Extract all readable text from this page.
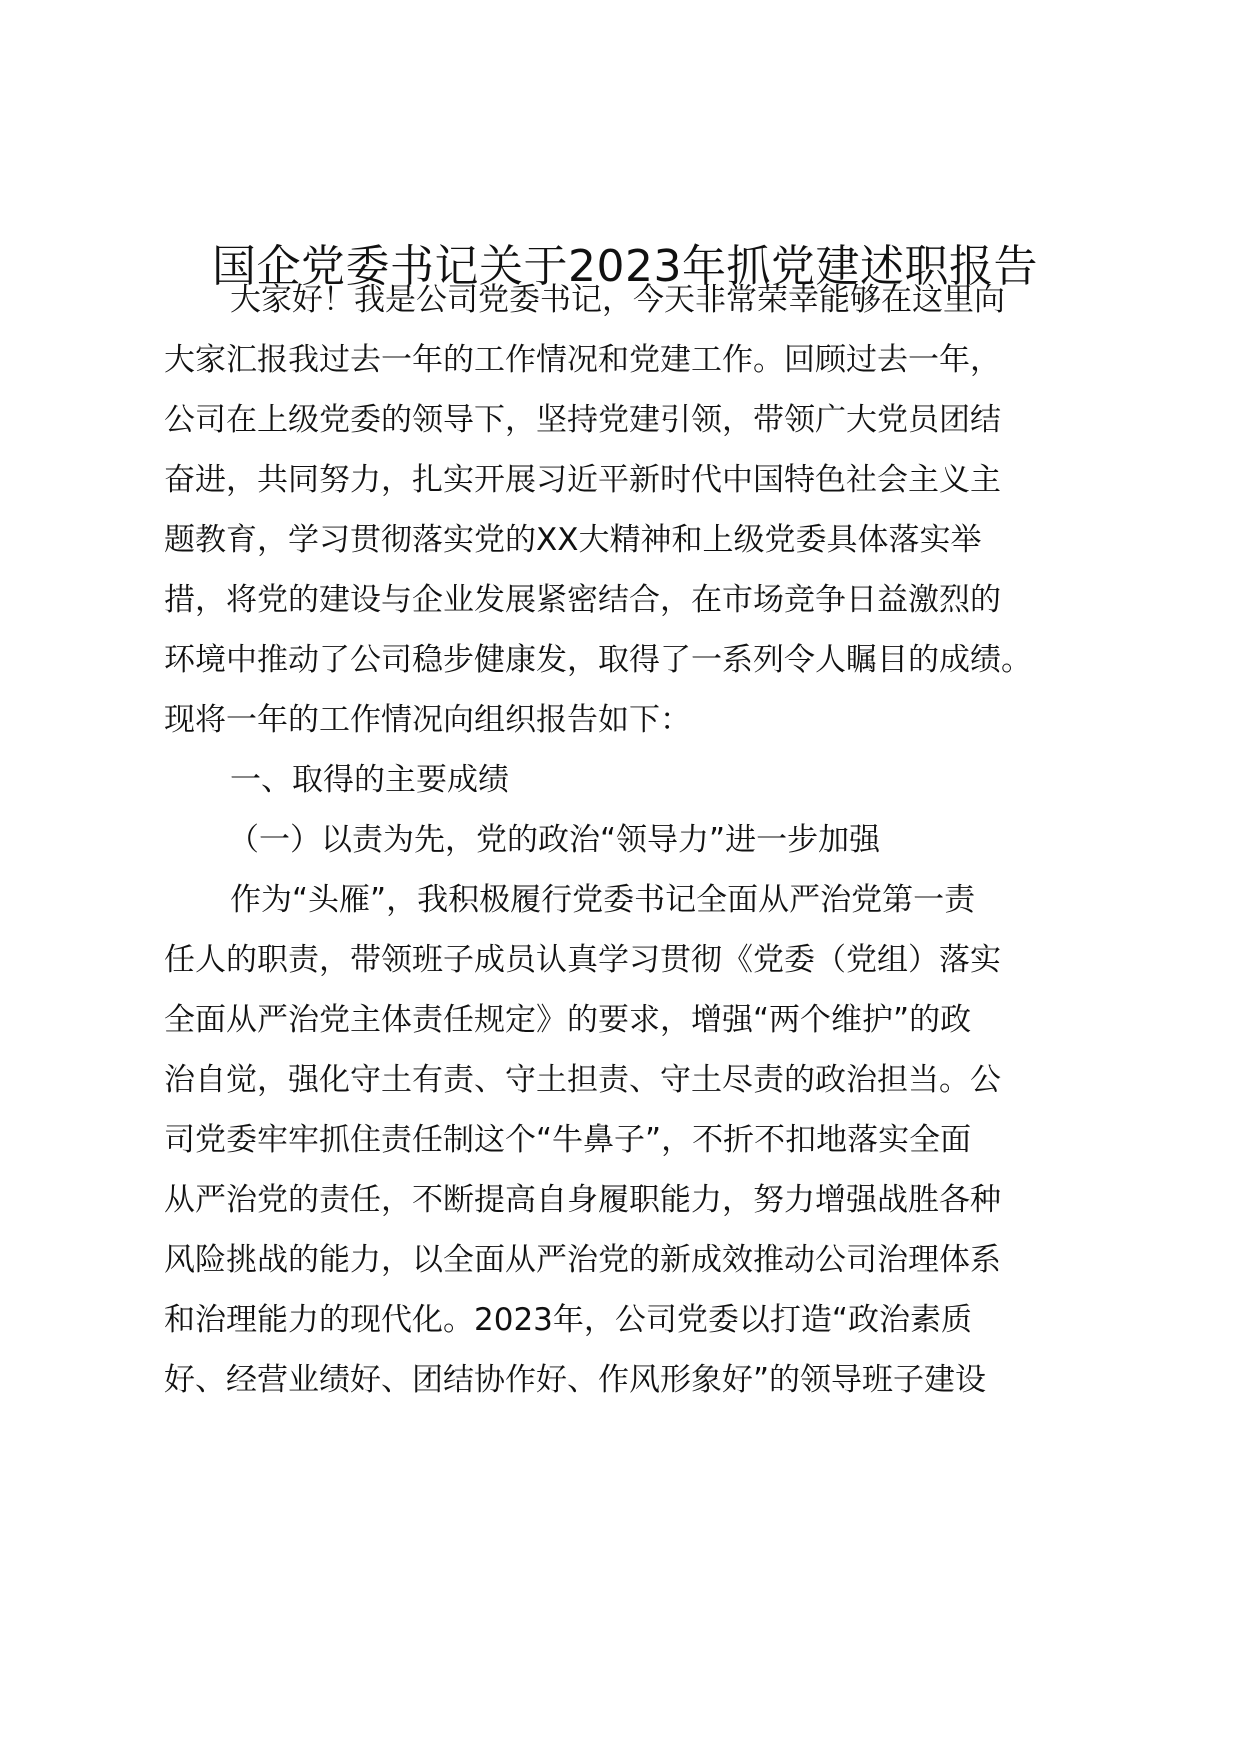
国企党委书记关于2023年抓党建述职报告

大家好！我是公司党委书记，今天非常荣幸能够在这里向

大家汇报我过去一年的工作情况和党建工作。回顾过去一年，

公司在上级党委的领导下，坚持党建引领，带领广大党员团结

奋进，共同努力，扎实开展习近平新时代中国特色社会主义主

题教育，学习贯彻落实党的XX大精神和上级党委具体落实举

措，将党的建设与企业发展紧密结合，在市场竞争日益激烈的

环境中推动了公司稳步健康发，取得了一系列令人瞩目的成绩。

现将一年的工作情况向组织报告如下：

一、取得的主要成绩

（一）以责为先，党的政治“领导力”进一步加强

作为“头雁”，我积极履行党委书记全面从严治党第一责

任人的职责，带领班子成员认真学习贯彻《党委（党组）落实

全面从严治党主体责任规定》的要求，增强“两个维护”的政

治自觉，强化守土有责、守土担责、守土尽责的政治担当。公

司党委牢牢抓住责任制这个“牛鼻子”，不折不扣地落实全面

从严治党的责任，不断提高自身履职能力，努力增强战胜各种

风险挑战的能力，以全面从严治党的新成效推动公司治理体系

和治理能力的现代化。2023年，公司党委以打造“政治素质

好、经营业绩好、团结协作好、作风形象好”的领导班子建设
